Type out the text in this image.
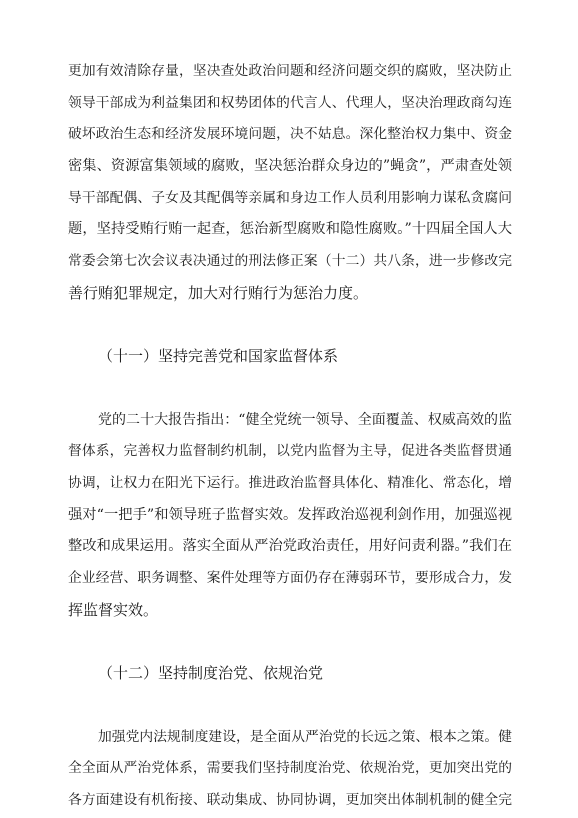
更加有效清除存量，坚决查处政治问题和经济问题交织的腐败，坚决防止
领导干部成为利益集团和权势团体的代言人、代理人，坚决治理政商勾连
破坏政治生态和经济发展环境问题，决不姑息。深化整治权力集中、资金
密集、资源富集领域的腐败，坚决惩治群众身边的”蝇贪”，严肃查处领
导干部配偶、子女及其配偶等亲属和身边工作人员利用影响力谋私贪腐问
题，坚持受贿行贿一起查，惩治新型腐败和隐性腐败。”十四届全国人大
常委会第七次会议表决通过的刑法修正案（十二）共八条，进一步修改完
善行贿犯罪规定，加大对行贿行为惩治力度。
（十一）坚持完善党和国家监督体系
党的二十大报告指出：“健全党统一领导、全面覆盖、权威高效的监
督体系，完善权力监督制约机制，以党内监督为主导，促进各类监督贯通
协调，让权力在阳光下运行。推进政治监督具体化、精准化、常态化，增
强对“一把手”和领导班子监督实效。发挥政治巡视利剑作用，加强巡视
整改和成果运用。落实全面从严治党政治责任，用好问责利器。”我们在
企业经营、职务调整、案件处理等方面仍存在薄弱环节，要形成合力，发
挥监督实效。
（十二）坚持制度治党、依规治党
加强党内法规制度建设，是全面从严治党的长远之策、根本之策。健
全全面从严治党体系，需要我们坚持制度治党、依规治党，更加突出党的
各方面建设有机衔接、联动集成、协同协调，更加突出体制机制的健全完
